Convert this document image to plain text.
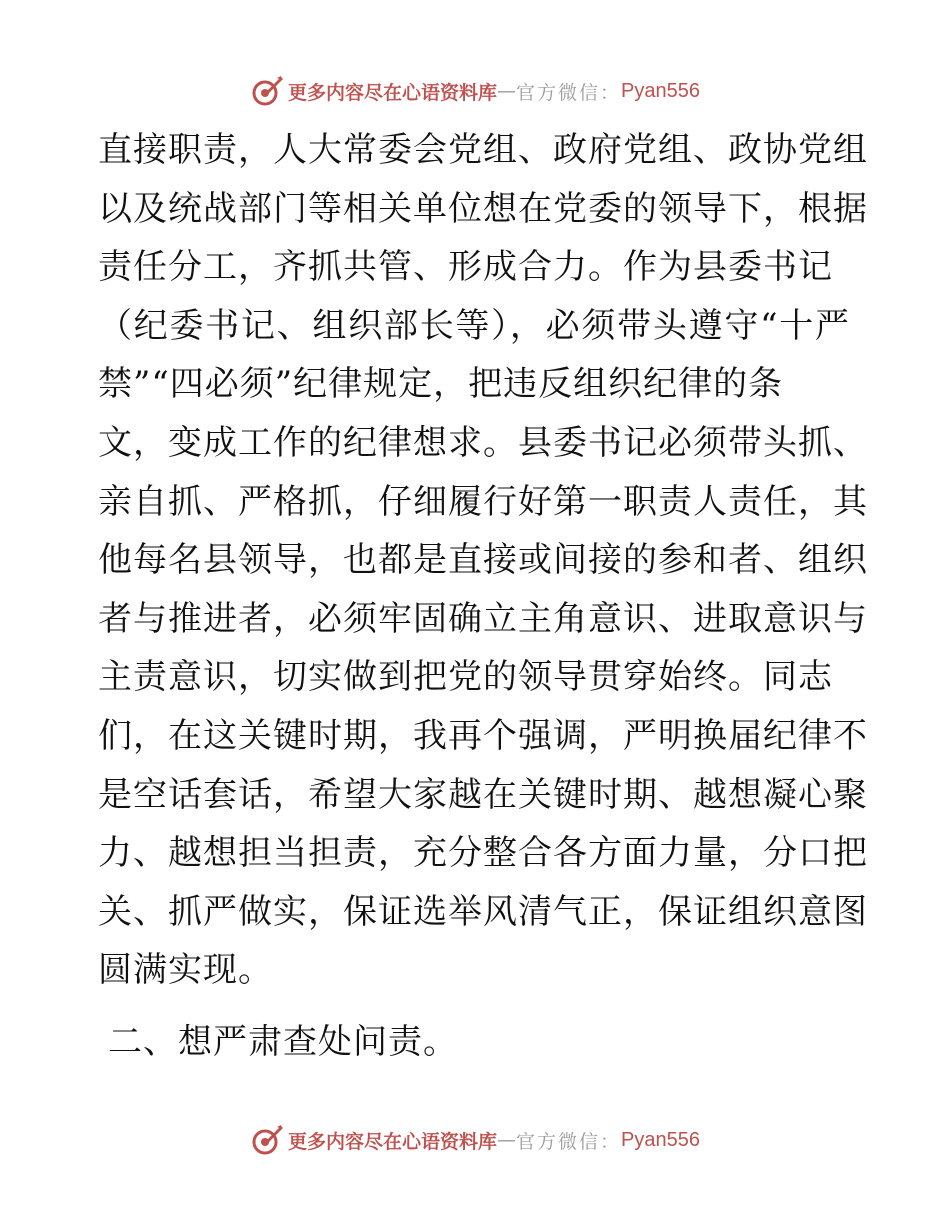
更多内容尽在心语资料库 — 官方微信： Pyan556
直接职责，人大常委会党组、政府党组、政协党组
以及统战部门等相关单位想在党委的领导下，根据
责任分工，齐抓共管、形成合力。作为县委书记
（纪委书记、组织部长等），必须带头遵守“十严
禁”“四必须”纪律规定，把违反组织纪律的条
文，变成工作的纪律想求。县委书记必须带头抓、
亲自抓、严格抓，仔细履行好第一职责人责任，其
他每名县领导，也都是直接或间接的参和者、组织
者与推进者，必须牢固确立主角意识、进取意识与
主责意识，切实做到把党的领导贯穿始终。同志
们，在这关键时期，我再个强调，严明换届纪律不
是空话套话，希望大家越在关键时期、越想凝心聚
力、越想担当担责，充分整合各方面力量，分口把
关、抓严做实，保证选举风清气正，保证组织意图
圆满实现。
二、想严肃查处问责。
更多内容尽在心语资料库 — 官方微信： Pyan556
